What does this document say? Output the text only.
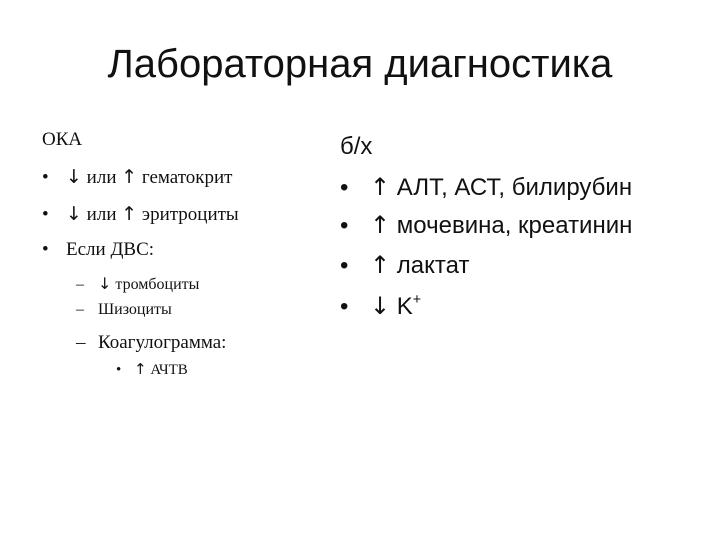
Лабораторная диагностика
ОКА
• ↓ или ↑ гематокрит
• ↓ или ↑ эритроциты
• Если ДВС:
– ↓ тромбоциты
– Шизоциты
– Коагулограмма:
• ↑ АЧТВ
б/х
• ↑ АЛТ, АСТ, билирубин
• ↑ мочевина, креатинин
• ↑ лактат
• ↓ K+
